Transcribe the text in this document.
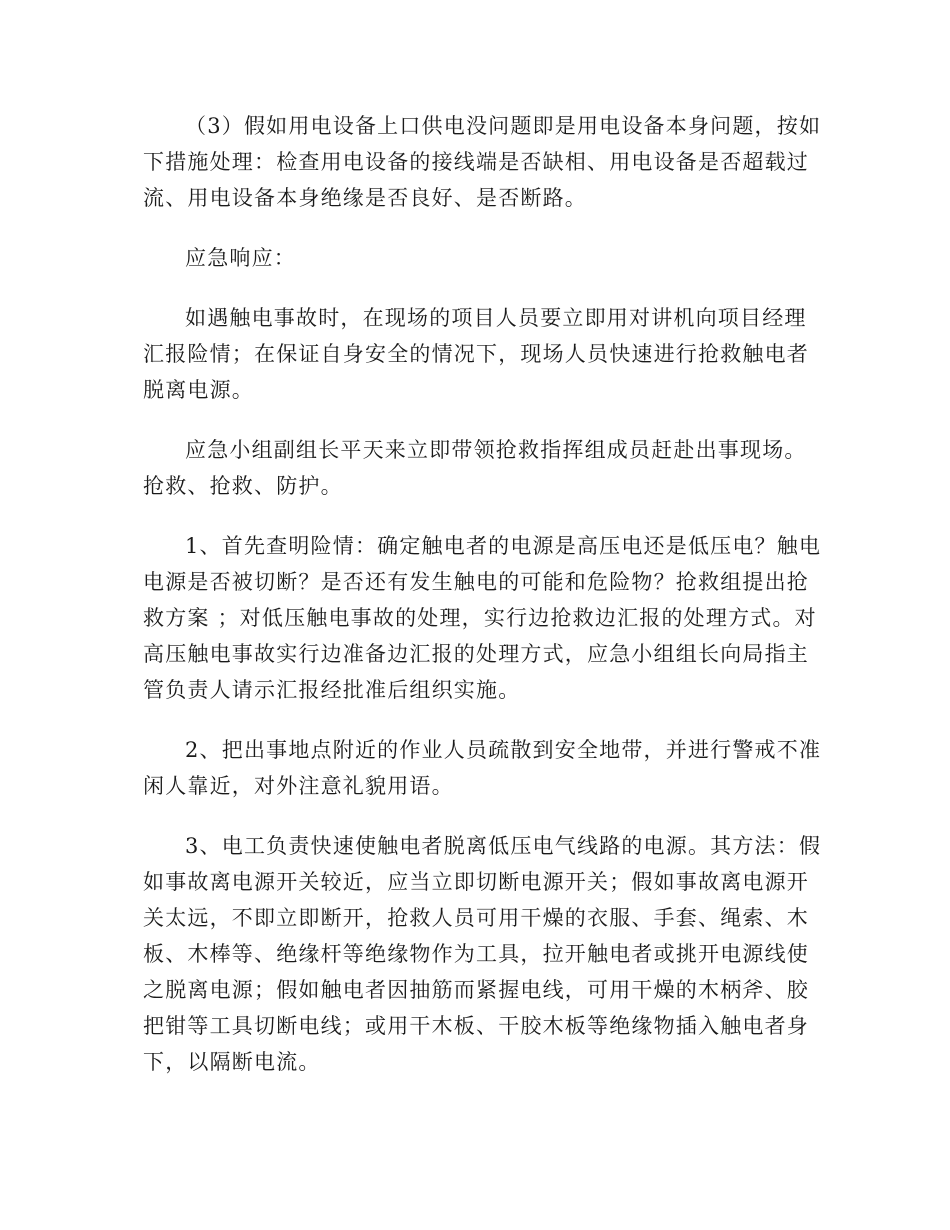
（3）假如用电设备上口供电没问题即是用电设备本身问题，按如
下措施处理：检查用电设备的接线端是否缺相、用电设备是否超载过
流、用电设备本身绝缘是否良好、是否断路。

应急响应：

如遇触电事故时，在现场的项目人员要立即用对讲机向项目经理
汇报险情；在保证自身安全的情况下，现场人员快速进行抢救触电者
脱离电源。

应急小组副组长平天来立即带领抢救指挥组成员赶赴出事现场。
抢救、抢救、防护。

1、首先查明险情：确定触电者的电源是高压电还是低压电？触电
电源是否被切断？是否还有发生触电的可能和危险物？抢救组提出抢
救方案 ；对低压触电事故的处理，实行边抢救边汇报的处理方式。对
高压触电事故实行边准备边汇报的处理方式，应急小组组长向局指主
管负责人请示汇报经批准后组织实施。

2、把出事地点附近的作业人员疏散到安全地带，并进行警戒不准
闲人靠近，对外注意礼貌用语。

3、电工负责快速使触电者脱离低压电气线路的电源。其方法：假
如事故离电源开关较近，应当立即切断电源开关；假如事故离电源开
关太远，不即立即断开，抢救人员可用干燥的衣服、手套、绳索、木
板、木棒等、绝缘杆等绝缘物作为工具，拉开触电者或挑开电源线使
之脱离电源；假如触电者因抽筋而紧握电线，可用干燥的木柄斧、胶
把钳等工具切断电线；或用干木板、干胶木板等绝缘物插入触电者身
下，以隔断电流。
